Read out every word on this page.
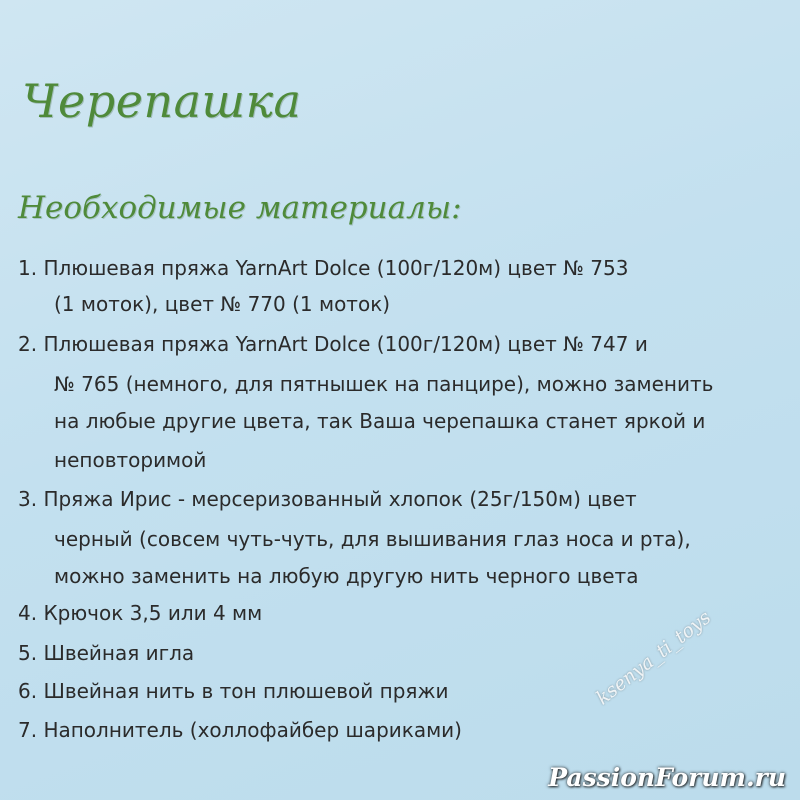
Черепашка
Необходимые материалы:
1. Плюшевая пряжа YarnArt Dolce (100г/120м) цвет № 753
(1 моток), цвет № 770 (1 моток)
2. Плюшевая пряжа YarnArt Dolce (100г/120м) цвет № 747 и
№ 765 (немного, для пятнышек на панцире), можно заменить
на любые другие цвета, так Ваша черепашка станет яркой и
неповторимой
3. Пряжа Ирис - мерсеризованный хлопок (25г/150м) цвет
черный (совсем чуть-чуть, для вышивания глаз носа и рта),
можно заменить на любую другую нить черного цвета
4. Крючок 3,5 или 4 мм
5. Швейная игла
6. Швейная нить в тон плюшевой пряжи
7. Наполнитель (холлофайбер шариками)
ksenya_ti_toys
PassionForum.ru
